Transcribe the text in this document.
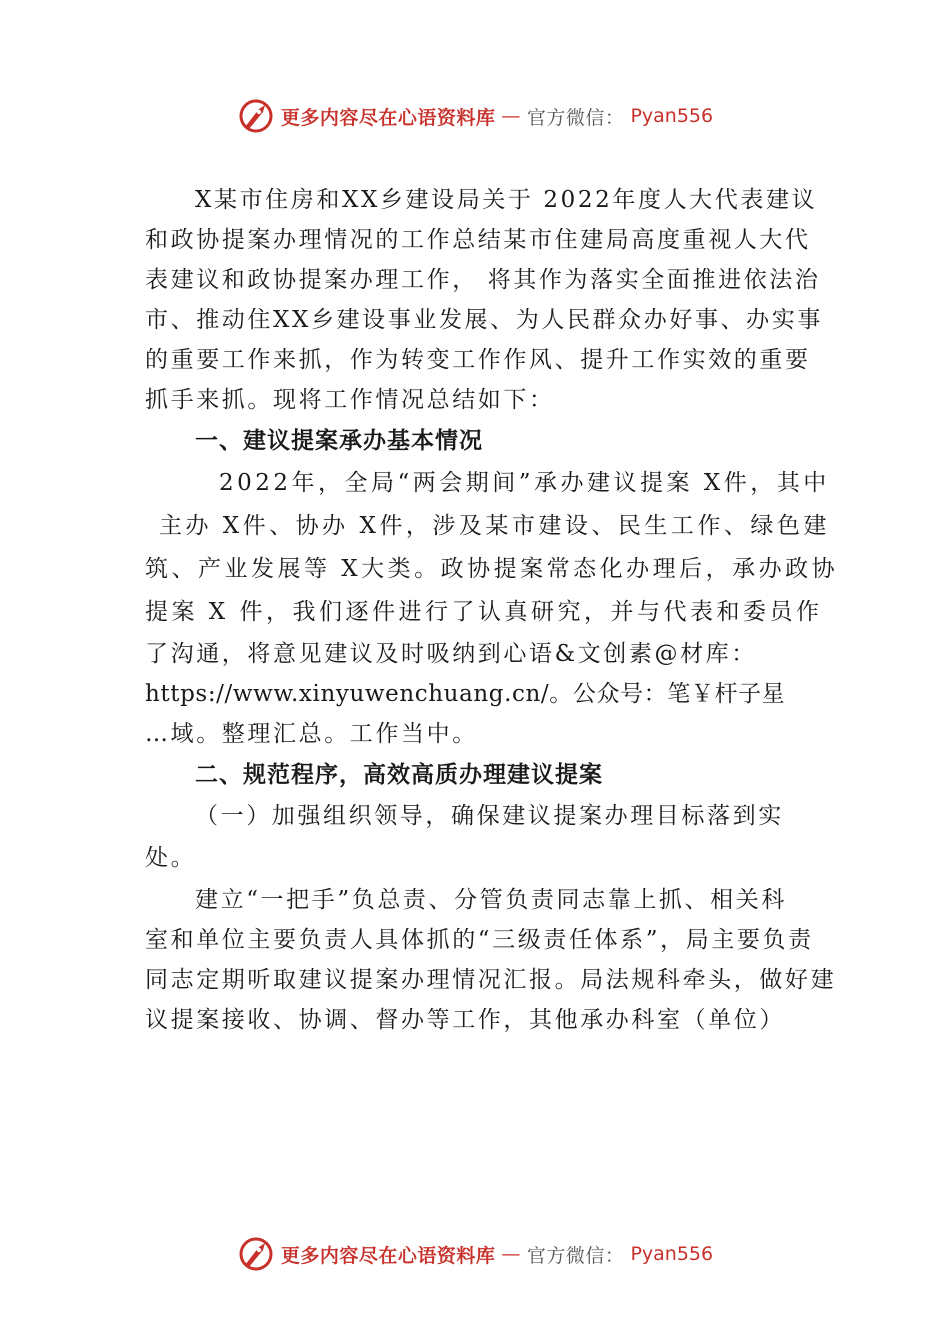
更多内容尽在心语资料库 — 官方微信： Pyan556
X某市住房和XX乡建设局关于 2022年度人大代表建议
和政协提案办理情况的工作总结某市住建局高度重视人大代
表建议和政协提案办理工作， 将其作为落实全面推进依法治
市、推动住XX乡建设事业发展、为人民群众办好事、办实事
的重要工作来抓，作为转变工作作风、提升工作实效的重要
抓手来抓。现将工作情况总结如下：
一、建议提案承办基本情况
2022年，全局“两会期间”承办建议提案 X件，其中
主办 X件、协办 X件，涉及某市建设、民生工作、绿色建
筑、产业发展等 X大类。政协提案常态化办理后，承办政协
提案 X 件，我们逐件进行了认真研究，并与代表和委员作
了沟通，将意见建议及时吸纳到心语&文创素@材库：
https://www.xinyuwenchuang.cn/。公众号：笔￥杆子星
…域。整理汇总。工作当中。
二、规范程序，高效高质办理建议提案
（一）加强组织领导，确保建议提案办理目标落到实
处。
建立“一把手”负总责、分管负责同志靠上抓、相关科
室和单位主要负责人具体抓的“三级责任体系”，局主要负责
同志定期听取建议提案办理情况汇报。局法规科牵头，做好建
议提案接收、协调、督办等工作，其他承办科室（单位）
更多内容尽在心语资料库 — 官方微信： Pyan556
